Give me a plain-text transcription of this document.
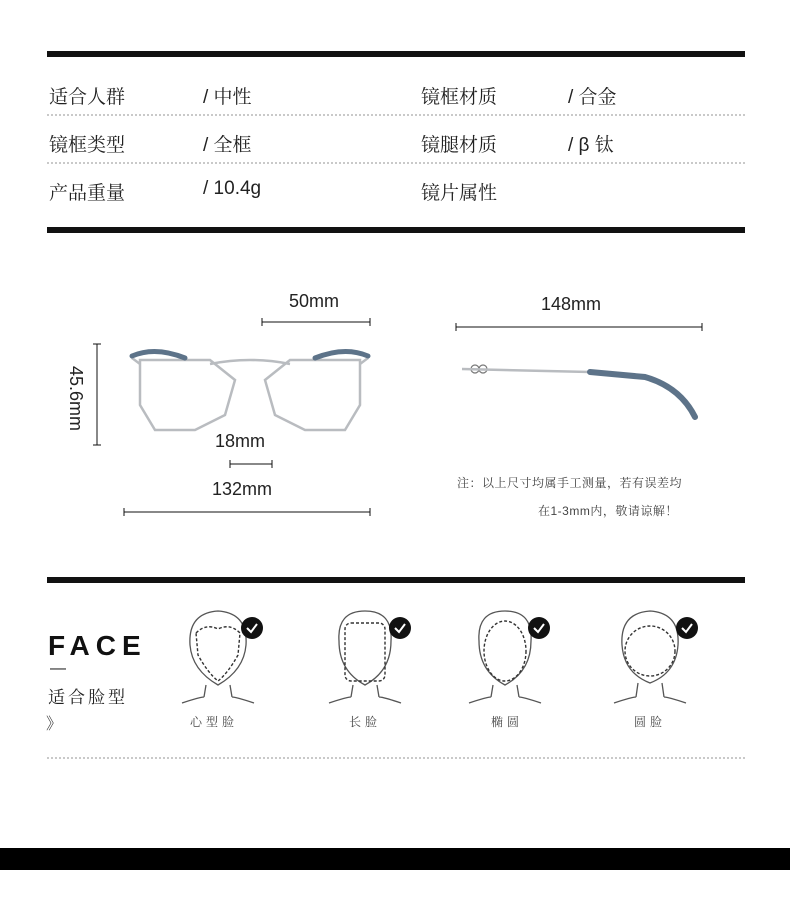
适合人群	/ 中性	镜框材质	/ 合金
镜框类型	/ 全框	镜腿材质	/ β 钛
产品重量	/ 10.4g	镜片属性
50mm
45.6mm
18mm
132mm
148mm
注：以上尺寸均属手工测量，若有误差均
在1-3mm内，敬请谅解！
FACE
—
适合脸型
》	心型脸	长脸	椭圆	圆脸
